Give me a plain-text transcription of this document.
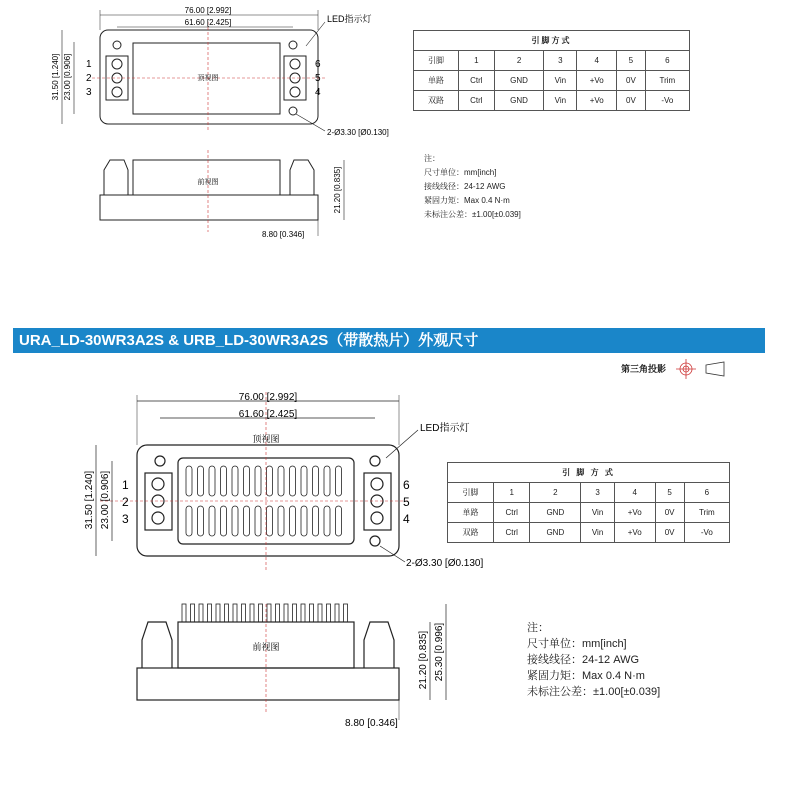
76.00 [2.992]
61.60 [2.425]
31.50 [1.240] 23.00 [0.906]
LED指示灯
2-Ø3.30 [Ø0.130]
顶视图
1
2
3
6
5
4
前视图	21.20 [0.835]
8.80 [0.346]
76.00 [2.992]
61.60 [2.425]
31.50 [1.240] 23.00 [0.906]
LED指示灯
2-Ø3.30 [Ø0.130]
顶视图
1
2
3
6
5
4
前视图	21.20 [0.835] 25.30 [0.996]
8.80 [0.346]
引脚方式						
引脚	1	2	3	4	5	6
单路	Ctrl	GND	Vin	+Vo	0V	Trim
双路	Ctrl	GND	Vin	+Vo	0V	-Vo
注：
尺寸单位：mm[inch]
接线线径：24-12 AWG
紧固力矩：Max 0.4 N·m
未标注公差：±1.00[±0.039]
URA_LD-30WR3A2S & URB_LD-30WR3A2S（带散热片）外观尺寸
第三角投影
引 脚 方 式						
引脚	1	2	3	4	5	6
单路	Ctrl	GND	Vin	+Vo	0V	Trim
双路	Ctrl	GND	Vin	+Vo	0V	-Vo
注：
尺寸单位：mm[inch]
接线线径：24-12 AWG
紧固力矩：Max 0.4 N·m
未标注公差：±1.00[±0.039]
